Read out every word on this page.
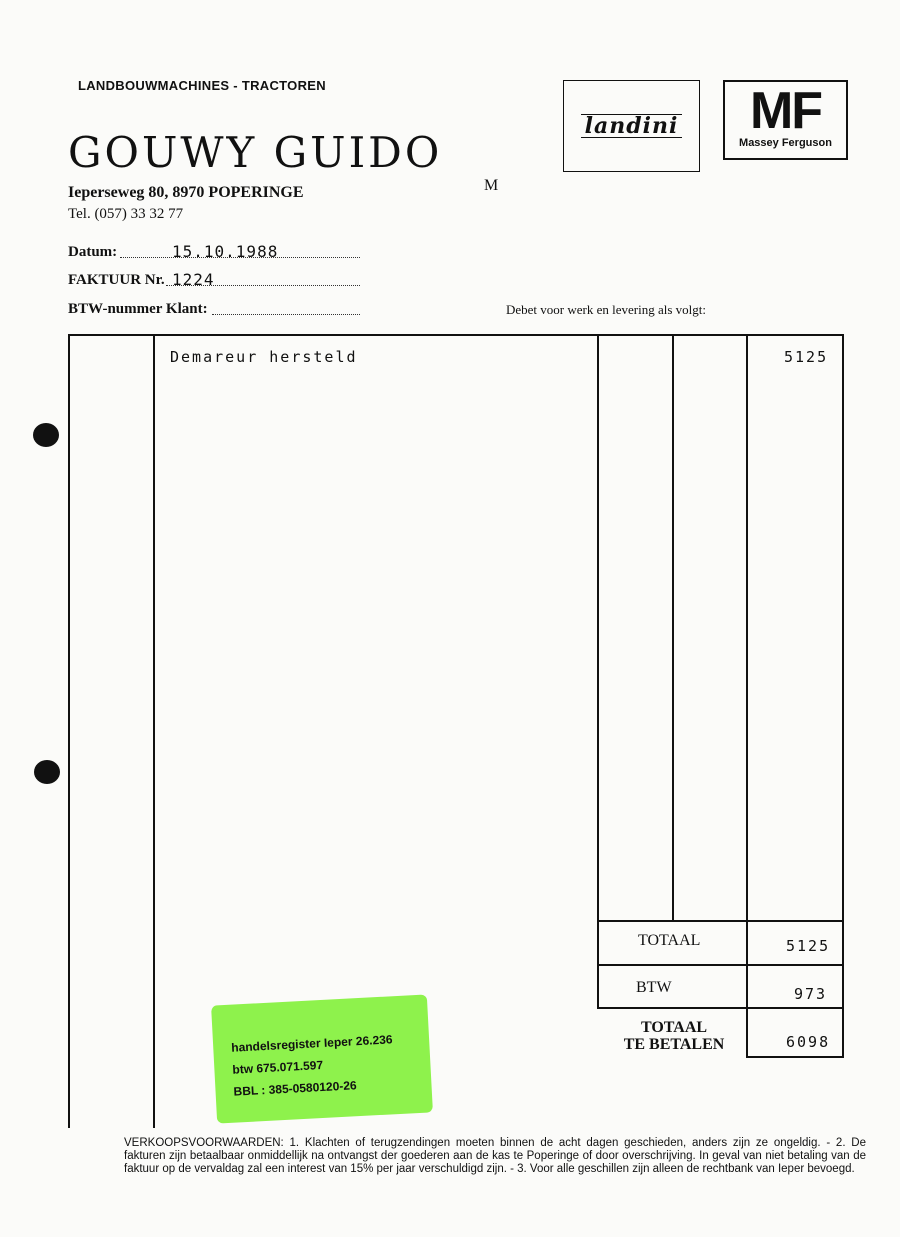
LANDBOUWMACHINES - TRACTOREN
GOUWY GUIDO
Ieperseweg 80, 8970 POPERINGE
Tel. (057) 33 32 77
M
landini	MF
Massey Ferguson
Datum:	15.10.1988
FAKTUUR Nr. 1224
BTW-nummer Klant:	Debet voor werk en levering als volgt:
Demareur hersteld	5125
TOTAAL	5125
BTW	973
TOTAAL
TE BETALEN	6098
handelsregister Ieper 26.236
btw 675.071.597
BBL : 385-0580120-26
VERKOOPSVOORWAARDEN: 1. Klachten of terugzendingen moeten binnen de acht dagen geschieden, anders zijn ze ongeldig. - 2. De fakturen zijn betaalbaar onmiddellijk na ontvangst der goederen aan de kas te Poperinge of door overschrijving. In geval van niet betaling van de faktuur op de vervaldag zal een interest van 15% per jaar verschuldigd zijn. - 3. Voor alle geschillen zijn alleen de rechtbank van Ieper bevoegd.
